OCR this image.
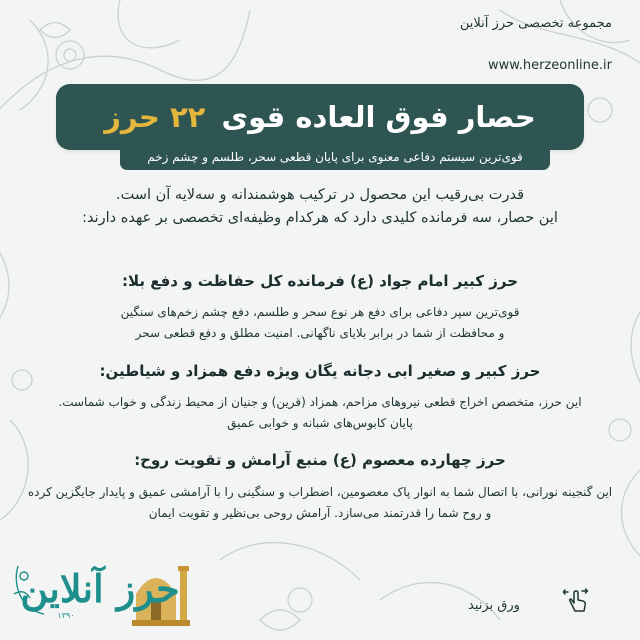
مجموعه تخصصی حرز آنلاین
www.herzeonline.ir
حصار فوق العاده قوی ۲۲ حرز
قوی‌ترین سیستم دفاعی معنوی برای پایان قطعی سحر، طلسم و چشم زخم
قدرت بی‌رقیب این محصول در ترکیب هوشمندانه و سه‌لایه آن است.
این حصار، سه فرمانده کلیدی دارد که هرکدام وظیفه‌ای تخصصی بر عهده دارند:
حرز کبیر امام جواد (ع) فرمانده کل حفاظت و دفع بلا:
قوی‌ترین سپر دفاعی برای دفع هر نوع سحر و طلسم، دفع چشم زخم‌های سنگین
و محافظت از شما در برابر بلایای ناگهانی. امنیت مطلق و دفع قطعی سحر
حرز کبیر و صغیر ابی دجانه یگان ویژه دفع همزاد و شیاطین:
این حرز، متخصص اخراج قطعی نیروهای مزاحم، همزاد (قرین) و جنیان از محیط زندگی و خواب شماست.
پایان کابوس‌های شبانه و خوابی عمیق
حرز چهارده معصوم (ع) منبع آرامش و تقویت روح:
این گنجینه نورانی، با اتصال شما به انوار پاک معصومین، اضطراب و سنگینی را با آرامشی عمیق و پایدار جایگزین کرده
و روح شما را قدرتمند می‌سازد. آرامش روحی بی‌نظیر و تقویت ایمان
ورق بزنید
حرز آنلاین
۱۳۹۰
